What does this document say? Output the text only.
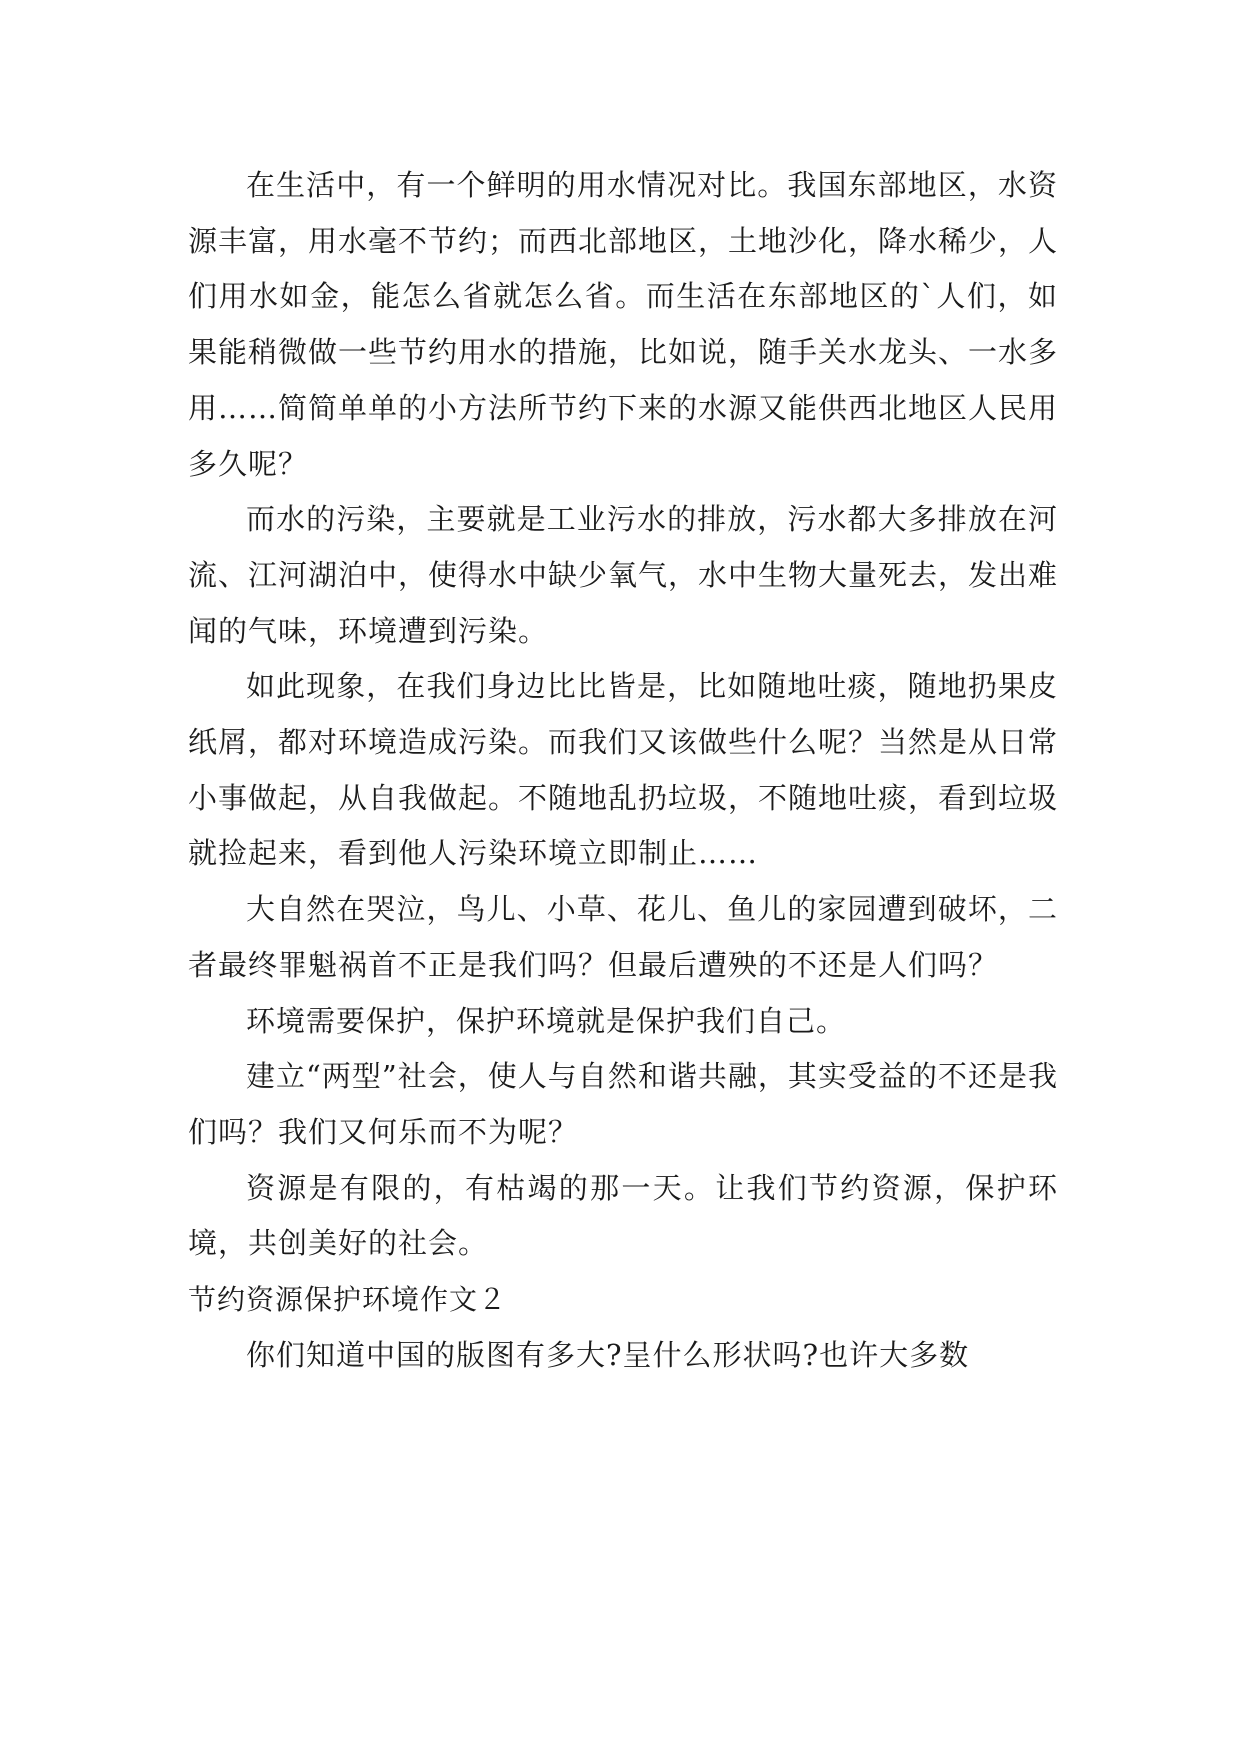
在生活中，有一个鲜明的用水情况对比。我国东部地区，水资源丰富，用水毫不节约；而西北部地区，土地沙化，降水稀少，人们用水如金，能怎么省就怎么省。而生活在东部地区的`人们，如果能稍微做一些节约用水的措施，比如说，随手关水龙头、一水多用……简简单单的小方法所节约下来的水源又能供西北地区人民用多久呢？

而水的污染，主要就是工业污水的排放，污水都大多排放在河流、江河湖泊中，使得水中缺少氧气，水中生物大量死去，发出难闻的气味，环境遭到污染。

如此现象，在我们身边比比皆是，比如随地吐痰，随地扔果皮纸屑，都对环境造成污染。而我们又该做些什么呢？当然是从日常小事做起，从自我做起。不随地乱扔垃圾，不随地吐痰，看到垃圾就捡起来，看到他人污染环境立即制止……

大自然在哭泣，鸟儿、小草、花儿、鱼儿的家园遭到破坏，二者最终罪魁祸首不正是我们吗？但最后遭殃的不还是人们吗？

环境需要保护，保护环境就是保护我们自己。

建立“两型”社会，使人与自然和谐共融，其实受益的不还是我们吗？我们又何乐而不为呢？

资源是有限的，有枯竭的那一天。让我们节约资源，保护环境，共创美好的社会。

节约资源保护环境作文２

你们知道中国的版图有多大?呈什么形状吗?也许大多数
